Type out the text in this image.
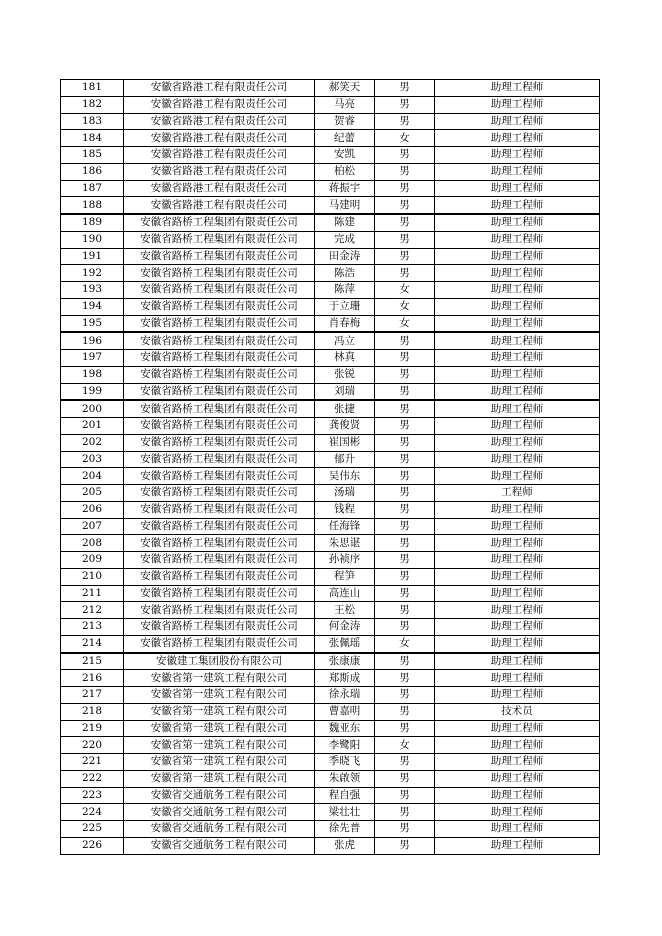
181	安徽省路港工程有限责任公司	郝笑天	男	助理工程师
182	安徽省路港工程有限责任公司	马亮	男	助理工程师
183	安徽省路港工程有限责任公司	贺睿	男	助理工程师
184	安徽省路港工程有限责任公司	纪蕾	女	助理工程师
185	安徽省路港工程有限责任公司	安凯	男	助理工程师
186	安徽省路港工程有限责任公司	柏松	男	助理工程师
187	安徽省路港工程有限责任公司	蒋振宇	男	助理工程师
188	安徽省路港工程有限责任公司	马建明	男	助理工程师
189	安徽省路桥工程集团有限责任公司	陈建	男	助理工程师
190	安徽省路桥工程集团有限责任公司	完成	男	助理工程师
191	安徽省路桥工程集团有限责任公司	田金涛	男	助理工程师
192	安徽省路桥工程集团有限责任公司	陈浩	男	助理工程师
193	安徽省路桥工程集团有限责任公司	陈萍	女	助理工程师
194	安徽省路桥工程集团有限责任公司	于立珊	女	助理工程师
195	安徽省路桥工程集团有限责任公司	肖春梅	女	助理工程师
196	安徽省路桥工程集团有限责任公司	冯立	男	助理工程师
197	安徽省路桥工程集团有限责任公司	林真	男	助理工程师
198	安徽省路桥工程集团有限责任公司	张锐	男	助理工程师
199	安徽省路桥工程集团有限责任公司	刘瑞	男	助理工程师
200	安徽省路桥工程集团有限责任公司	张捷	男	助理工程师
201	安徽省路桥工程集团有限责任公司	龚俊贤	男	助理工程师
202	安徽省路桥工程集团有限责任公司	崔国彬	男	助理工程师
203	安徽省路桥工程集团有限责任公司	郁升	男	助理工程师
204	安徽省路桥工程集团有限责任公司	吴伟东	男	助理工程师
205	安徽省路桥工程集团有限责任公司	汤瑞	男	工程师
206	安徽省路桥工程集团有限责任公司	钱程	男	助理工程师
207	安徽省路桥工程集团有限责任公司	任海锋	男	助理工程师
208	安徽省路桥工程集团有限责任公司	朱思谌	男	助理工程师
209	安徽省路桥工程集团有限责任公司	孙祯序	男	助理工程师
210	安徽省路桥工程集团有限责任公司	程笋	男	助理工程师
211	安徽省路桥工程集团有限责任公司	高连山	男	助理工程师
212	安徽省路桥工程集团有限责任公司	王松	男	助理工程师
213	安徽省路桥工程集团有限责任公司	何金涛	男	助理工程师
214	安徽省路桥工程集团有限责任公司	张佩瑶	女	助理工程师
215	安徽建工集团股份有限公司	张康康	男	助理工程师
216	安徽省第一建筑工程有限公司	郑斯成	男	助理工程师
217	安徽省第一建筑工程有限公司	徐永瑞	男	助理工程师
218	安徽省第一建筑工程有限公司	曹嘉明	男	技术员
219	安徽省第一建筑工程有限公司	魏亚东	男	助理工程师
220	安徽省第一建筑工程有限公司	李鹭阳	女	助理工程师
221	安徽省第一建筑工程有限公司	季晓飞	男	助理工程师
222	安徽省第一建筑工程有限公司	朱啟领	男	助理工程师
223	安徽省交通航务工程有限公司	程自强	男	助理工程师
224	安徽省交通航务工程有限公司	梁壮壮	男	助理工程师
225	安徽省交通航务工程有限公司	徐先普	男	助理工程师
226	安徽省交通航务工程有限公司	张虎	男	助理工程师
